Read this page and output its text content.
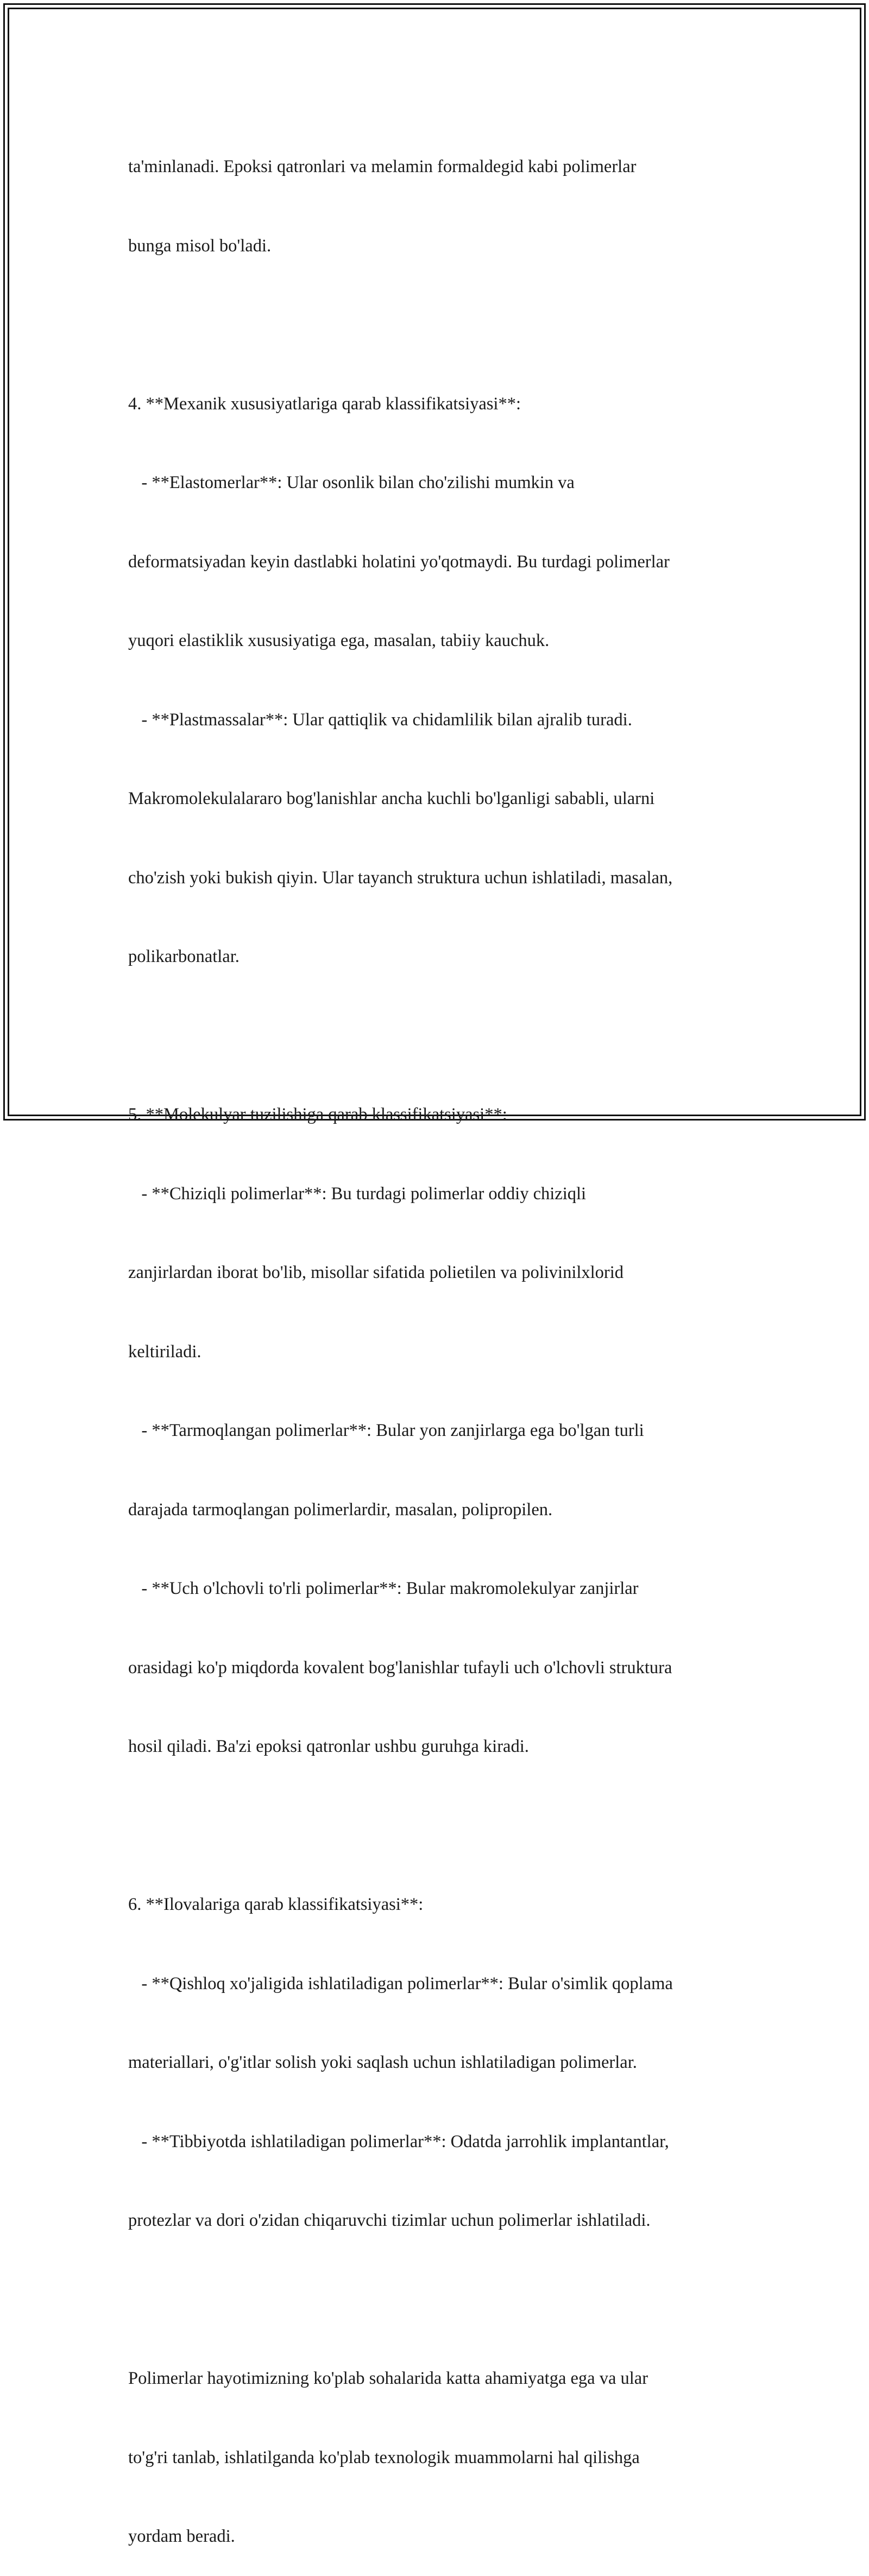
ta'minlanadi. Epoksi qatronlari va melamin formaldegid kabi polimerlar

bunga misol bo'ladi.

4. **Mexanik xususiyatlariga qarab klassifikatsiyasi**:

- **Elastomerlar**: Ular osonlik bilan cho'zilishi mumkin va

deformatsiyadan keyin dastlabki holatini yo'qotmaydi. Bu turdagi polimerlar

yuqori elastiklik xususiyatiga ega, masalan, tabiiy kauchuk.

- **Plastmassalar**: Ular qattiqlik va chidamlilik bilan ajralib turadi.

Makromolekulalararo bog'lanishlar ancha kuchli bo'lganligi sababli, ularni

cho'zish yoki bukish qiyin. Ular tayanch struktura uchun ishlatiladi, masalan,

polikarbonatlar.

5. **Molekulyar tuzilishiga qarab klassifikatsiyasi**:

- **Chiziqli polimerlar**: Bu turdagi polimerlar oddiy chiziqli

zanjirlardan iborat bo'lib, misollar sifatida polietilen va polivinilxlorid

keltiriladi.

- **Tarmoqlangan polimerlar**: Bular yon zanjirlarga ega bo'lgan turli

darajada tarmoqlangan polimerlardir, masalan, polipropilen.

- **Uch o'lchovli to'rli polimerlar**: Bular makromolekulyar zanjirlar

orasidagi ko'p miqdorda kovalent bog'lanishlar tufayli uch o'lchovli struktura

hosil qiladi. Ba'zi epoksi qatronlar ushbu guruhga kiradi.

6. **Ilovalariga qarab klassifikatsiyasi**:

- **Qishloq xo'jaligida ishlatiladigan polimerlar**: Bular o'simlik qoplama

materiallari, o'g'itlar solish yoki saqlash uchun ishlatiladigan polimerlar.

- **Tibbiyotda ishlatiladigan polimerlar**: Odatda jarrohlik implantantlar,

protezlar va dori o'zidan chiqaruvchi tizimlar uchun polimerlar ishlatiladi.

Polimerlar hayotimizning ko'plab sohalarida katta ahamiyatga ega va ular

to'g'ri tanlab, ishlatilganda ko'plab texnologik muammolarni hal qilishga

yordam beradi.
